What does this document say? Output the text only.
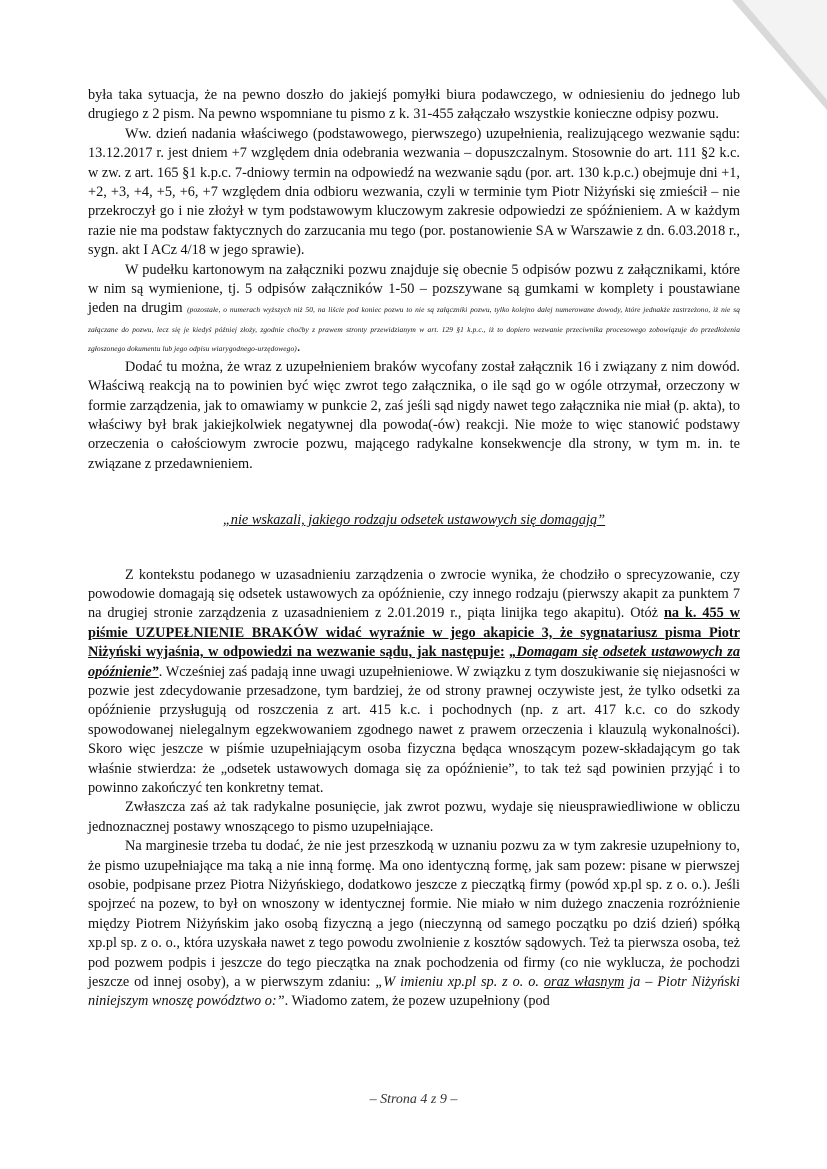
była taka sytuacja, że na pewno doszło do jakiejś pomyłki biura podawczego, w odniesieniu do jednego lub drugiego z 2 pism. Na pewno wspomniane tu pismo z k. 31-455 załączało wszystkie konieczne odpisy pozwu.

Ww. dzień nadania właściwego (podstawowego, pierwszego) uzupełnienia, realizującego wezwanie sądu: 13.12.2017 r. jest dniem +7 względem dnia odebrania wezwania – dopuszczalnym. Stosownie do art. 111 §2 k.c. w zw. z art. 165 §1 k.p.c. 7-dniowy termin na odpowiedź na wezwanie sądu (por. art. 130 k.p.c.) obejmuje dni +1, +2, +3, +4, +5, +6, +7 względem dnia odbioru wezwania, czyli w terminie tym Piotr Niżyński się zmieścił – nie przekroczył go i nie złożył w tym podstawowym kluczowym zakresie odpowiedzi ze spóźnieniem. A w każdym razie nie ma podstaw faktycznych do zarzucania mu tego (por. postanowienie SA w Warszawie z dn. 6.03.2018 r., sygn. akt I ACz 4/18 w jego sprawie).

W pudełku kartonowym na załączniki pozwu znajduje się obecnie 5 odpisów pozwu z załącznikami, które w nim są wymienione, tj. 5 odpisów załączników 1-50 – pozszywane są gumkami w komplety i poustawiane jeden na drugim (pozostałe, o numerach wyższych niż 50, na liście pod koniec pozwu to nie są załączniki pozwu, tylko kolejno dalej numerowane dowody, które jednakże zastrzeżono, iż nie są załączane do pozwu, lecz się je kiedyś później złoży, zgodnie choćby z prawem stronty przewidzianym w art. 129 §1 k.p.c., iż to dopiero wezwanie przeciwnika procesowego zobowiązuje do przedłożenia zgłoszonego dokumentu lub jego odpisu wiarygodnego-urzędowego).

Dodać tu można, że wraz z uzupełnieniem braków wycofany został załącznik 16 i związany z nim dowód. Właściwą reakcją na to powinien być więc zwrot tego załącznika, o ile sąd go w ogóle otrzymał, orzeczony w formie zarządzenia, jak to omawiamy w punkcie 2, zaś jeśli sąd nigdy nawet tego załącznika nie miał (p. akta), to właściwy był brak jakiejkolwiek negatywnej dla powoda(-ów) reakcji. Nie może to więc stanowić podstawy orzeczenia o całościowym zwrocie pozwu, mającego radykalne konsekwencje dla strony, w tym m. in. te związane z przedawnieniem.

„nie wskazali, jakiego rodzaju odsetek ustawowych się domagają”

Z kontekstu podanego w uzasadnieniu zarządzenia o zwrocie wynika, że chodziło o sprecyzowanie, czy powodowie domagają się odsetek ustawowych za opóźnienie, czy innego rodzaju (pierwszy akapit za punktem 7 na drugiej stronie zarządzenia z uzasadnieniem z 2.01.2019 r., piąta linijka tego akapitu). Otóż na k. 455 w piśmie UZUPEŁNIENIE BRAKÓW widać wyraźnie w jego akapicie 3, że sygnatariusz pisma Piotr Niżyński wyjaśnia, w odpowiedzi na wezwanie sądu, jak następuje: „Domagam się odsetek ustawowych za opóźnienie”. Wcześniej zaś padają inne uwagi uzupełnieniowe. W związku z tym doszukiwanie się niejasności w pozwie jest zdecydowanie przesadzone, tym bardziej, że od strony prawnej oczywiste jest, że tylko odsetki za opóźnienie przysługują od roszczenia z art. 415 k.c. i pochodnych (np. z art. 417 k.c. co do szkody spowodowanej nielegalnym egzekwowaniem zgodnego nawet z prawem orzeczenia i klauzulą wykonalności). Skoro więc jeszcze w piśmie uzupełniającym osoba fizyczna będąca wnoszącym pozew-składającym go tak właśnie stwierdza: że „odsetek ustawowych domaga się za opóźnienie”, to tak też sąd powinien przyjąć i to powinno zakończyć ten konkretny temat.

Zwłaszcza zaś aż tak radykalne posunięcie, jak zwrot pozwu, wydaje się nieusprawiedliwione w obliczu jednoznacznej postawy wnoszącego to pismo uzupełniające.

Na marginesie trzeba tu dodać, że nie jest przeszkodą w uznaniu pozwu za w tym zakresie uzupełniony to, że pismo uzupełniające ma taką a nie inną formę. Ma ono identyczną formę, jak sam pozew: pisane w pierwszej osobie, podpisane przez Piotra Niżyńskiego, dodatkowo jeszcze z pieczątką firmy (powód xp.pl sp. z o. o.). Jeśli spojrzeć na pozew, to był on wnoszony w identycznej formie. Nie miało w nim dużego znaczenia rozróżnienie między Piotrem Niżyńskim jako osobą fizyczną a jego (nieczynną od samego początku po dziś dzień) spółką xp.pl sp. z o. o., która uzyskała nawet z tego powodu zwolnienie z kosztów sądowych. Też ta pierwsza osoba, też pod pozwem podpis i jeszcze do tego pieczątka na znak pochodzenia od firmy (co nie wyklucza, że pochodzi jeszcze od innej osoby), a w pierwszym zdaniu: „W imieniu xp.pl sp. z o. o. oraz własnym ja – Piotr Niżyński niniejszym wnoszę powództwo o:”. Wiadomo zatem, że pozew uzupełniony (pod

– Strona 4 z 9 –
